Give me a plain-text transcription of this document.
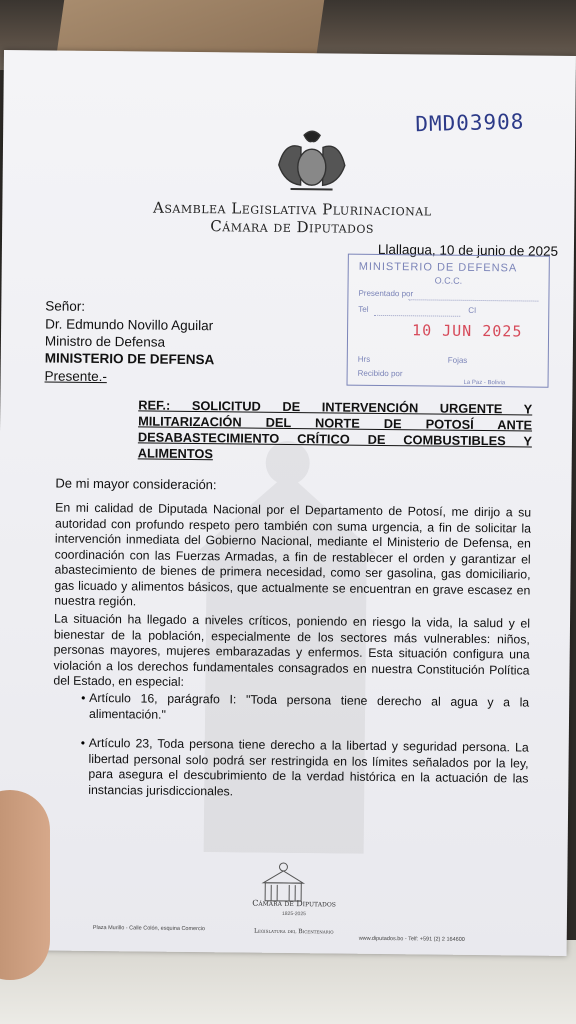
DMD03908
Asamblea Legislativa Plurinacional
Cámara de Diputados
Llallagua, 10 de junio de 2025
MINISTERIO DE DEFENSA
O.C.C.
Presentado por
Tel	CI
10 JUN 2025
Hrs	Fojas
Recibido por
La Paz - Bolivia
Señor:
Dr. Edmundo Novillo Aguilar
Ministro de Defensa
MINISTERIO DE DEFENSA
Presente.-
REF.: SOLICITUD DE INTERVENCIÓN URGENTE Y MILITARIZACIÓN DEL NORTE DE POTOSÍ ANTE DESABASTECIMIENTO CRÍTICO DE COMBUSTIBLES Y ALIMENTOS
De mi mayor consideración:
En mi calidad de Diputada Nacional por el Departamento de Potosí, me dirijo a su autoridad con profundo respeto pero también con suma urgencia, a fin de solicitar la intervención inmediata del Gobierno Nacional, mediante el Ministerio de Defensa, en coordinación con las Fuerzas Armadas, a fin de restablecer el orden y garantizar el abastecimiento de bienes de primera necesidad, como ser gasolina, gas domiciliario, gas licuado y alimentos básicos, que actualmente se encuentran en grave escasez en nuestra región.
La situación ha llegado a niveles críticos, poniendo en riesgo la vida, la salud y el bienestar de la población, especialmente de los sectores más vulnerables: niños, personas mayores, mujeres embarazadas y enfermos. Esta situación configura una violación a los derechos fundamentales consagrados en nuestra Constitución Política del Estado, en especial:
• Artículo 16, parágrafo I: "Toda persona tiene derecho al agua y a la alimentación."
• Artículo 23, Toda persona tiene derecho a la libertad y seguridad persona. La libertad personal solo podrá ser restringida en los límites señalados por la ley, para asegura el descubrimiento de la verdad histórica en la actuación de las instancias jurisdiccionales.
Cámara de Diputados
1825-2025
Legislatura del Bicentenario
Plaza Murillo - Calle Colón, esquina Comercio
www.diputados.bo - Telf: +591 (2) 2 164600
